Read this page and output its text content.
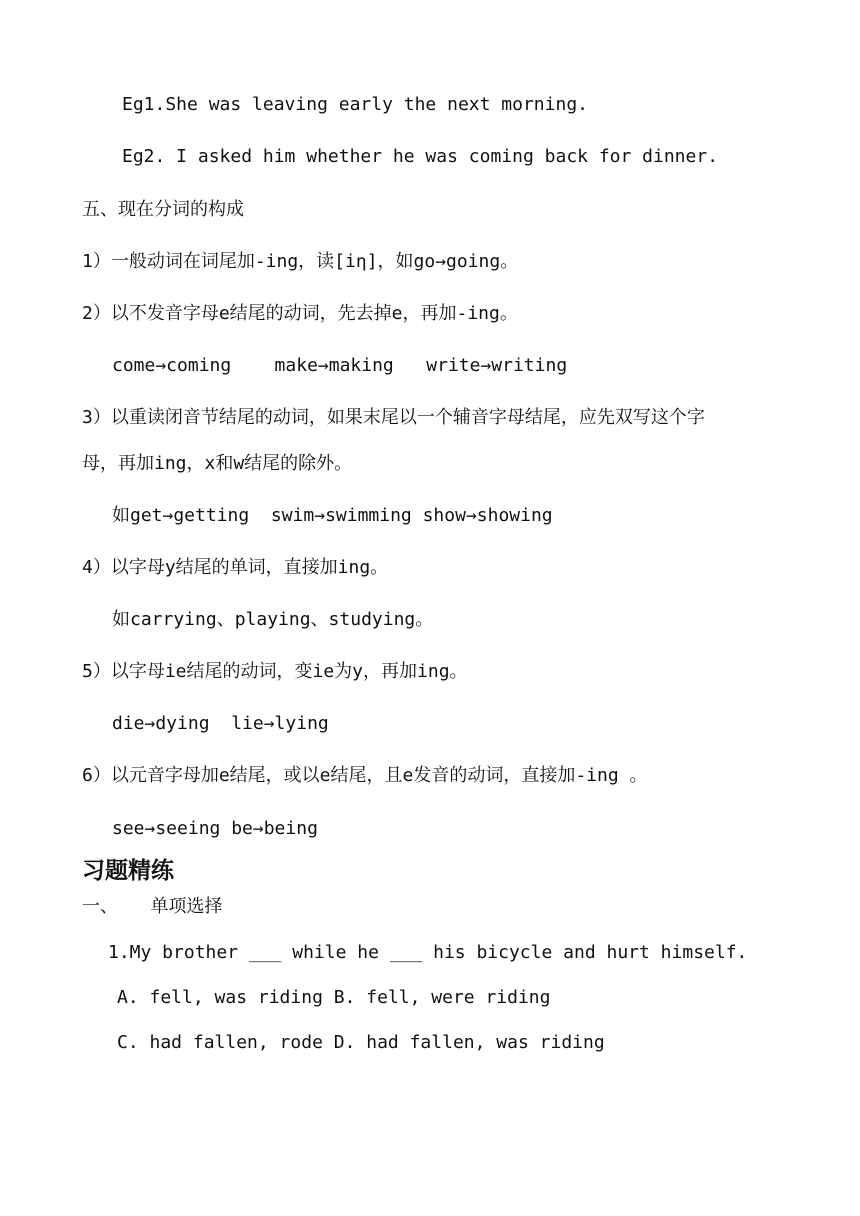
Eg1.She was leaving early the next morning.
Eg2. I asked him whether he was coming back for dinner.
五、现在分词的构成
1）一般动词在词尾加-ing，读[iη]，如go→going。
2）以不发音字母e结尾的动词，先去掉e，再加-ing。
come→coming    make→making   write→writing
3）以重读闭音节结尾的动词，如果末尾以一个辅音字母结尾，应先双写这个字
母，再加ing，x和w结尾的除外。
如get→getting  swim→swimming show→showing
4）以字母y结尾的单词，直接加ing。
如carrying、playing、studying。
5）以字母ie结尾的动词，变ie为y，再加ing。
die→dying  lie→lying
6）以元音字母加e结尾，或以e结尾，且e发音的动词，直接加-ing 。
see→seeing be→being
习题精练
一、   单项选择
1.My brother ___ while he ___ his bicycle and hurt himself.
A. fell, was riding B. fell, were riding
C. had fallen, rode D. had fallen, was riding
